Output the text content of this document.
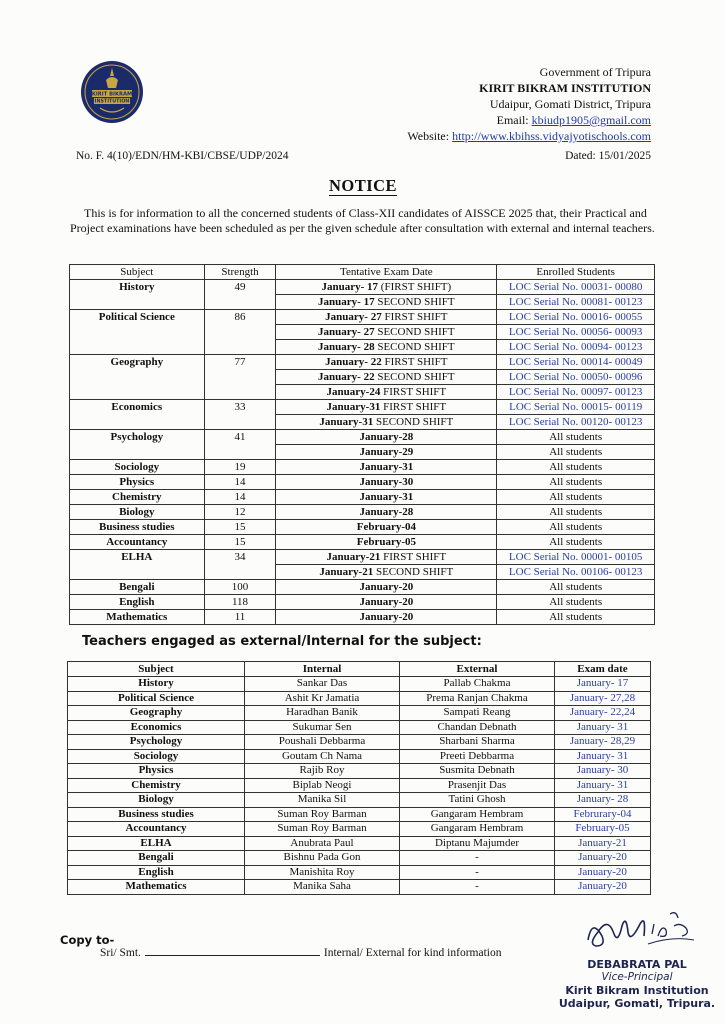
KIRIT BIKRAM
INSTITUTION
Government of Tripura
KIRIT BIKRAM INSTITUTION
Udaipur, Gomati District, Tripura
Email: kbiudp1905@gmail.com
Website: http://www.kbihss.vidyajyotischools.com
No. F. 4(10)/EDN/HM-KBI/CBSE/UDP/2024	Dated: 15/01/2025
NOTICE
This is for information to all the concerned students of Class-XII candidates of AISSCE 2025 that, their Practical and Project examinations have been scheduled as per the given schedule after consultation with external and internal teachers.
Subject	Strength	Tentative Exam Date	Enrolled Students
History	49	January- 17 (FIRST SHIFT)	LOC Serial No. 00031- 00080
		January- 17 SECOND SHIFT	LOC Serial No. 00081- 00123
Political Science	86	January- 27 FIRST SHIFT	LOC Serial No. 00016- 00055
		January- 27 SECOND SHIFT	LOC Serial No. 00056- 00093
		January- 28 SECOND SHIFT	LOC Serial No. 00094- 00123
Geography	77	January- 22 FIRST SHIFT	LOC Serial No. 00014- 00049
		January- 22 SECOND SHIFT	LOC Serial No. 00050- 00096
		January-24 FIRST SHIFT	LOC Serial No. 00097- 00123
Economics	33	January-31 FIRST SHIFT	LOC Serial No. 00015- 00119
		January-31 SECOND SHIFT	LOC Serial No. 00120- 00123
Psychology	41	January-28	All students
		January-29	All students
Sociology	19	January-31	All students
Physics	14	January-30	All students
Chemistry	14	January-31	All students
Biology	12	January-28	All students
Business studies	15	February-04	All students
Accountancy	15	February-05	All students
ELHA	34	January-21 FIRST SHIFT	LOC Serial No. 00001- 00105
		January-21 SECOND SHIFT	LOC Serial No. 00106- 00123
Bengali	100	January-20	All students
English	118	January-20	All students
Mathematics	11	January-20	All students
Teachers engaged as external/Internal for the subject:
Subject	Internal	External	Exam date
History	Sankar Das	Pallab Chakma	January- 17
Political Science	Ashit Kr Jamatia	Prema Ranjan Chakma	January- 27,28
Geography	Haradhan Banik	Sampati Reang	January- 22,24
Economics	Sukumar Sen	Chandan Debnath	January- 31
Psychology	Poushali Debbarma	Sharbani Sharma	January- 28,29
Sociology	Goutam Ch Nama	Preeti Debbarma	January- 31
Physics	Rajib Roy	Susmita Debnath	January- 30
Chemistry	Biplab Neogi	Prasenjit Das	January- 31
Biology	Manika Sil	Tatini Ghosh	January- 28
Business studies	Suman Roy Barman	Gangaram Hembram	Februrary-04
Accountancy	Suman Roy Barman	Gangaram Hembram	February-05
ELHA	Anubrata Paul	Diptanu Majumder	January-21
Bengali	Bishnu Pada Gon	-	January-20
English	Manishita Roy	-	January-20
Mathematics	Manika Saha	-	January-20
Copy to-
Sri/ Smt.	Internal/ External for kind information
DEBABRATA PAL
Vice-Principal
Kirit Bikram Institution
Udaipur, Gomati, Tripura.
